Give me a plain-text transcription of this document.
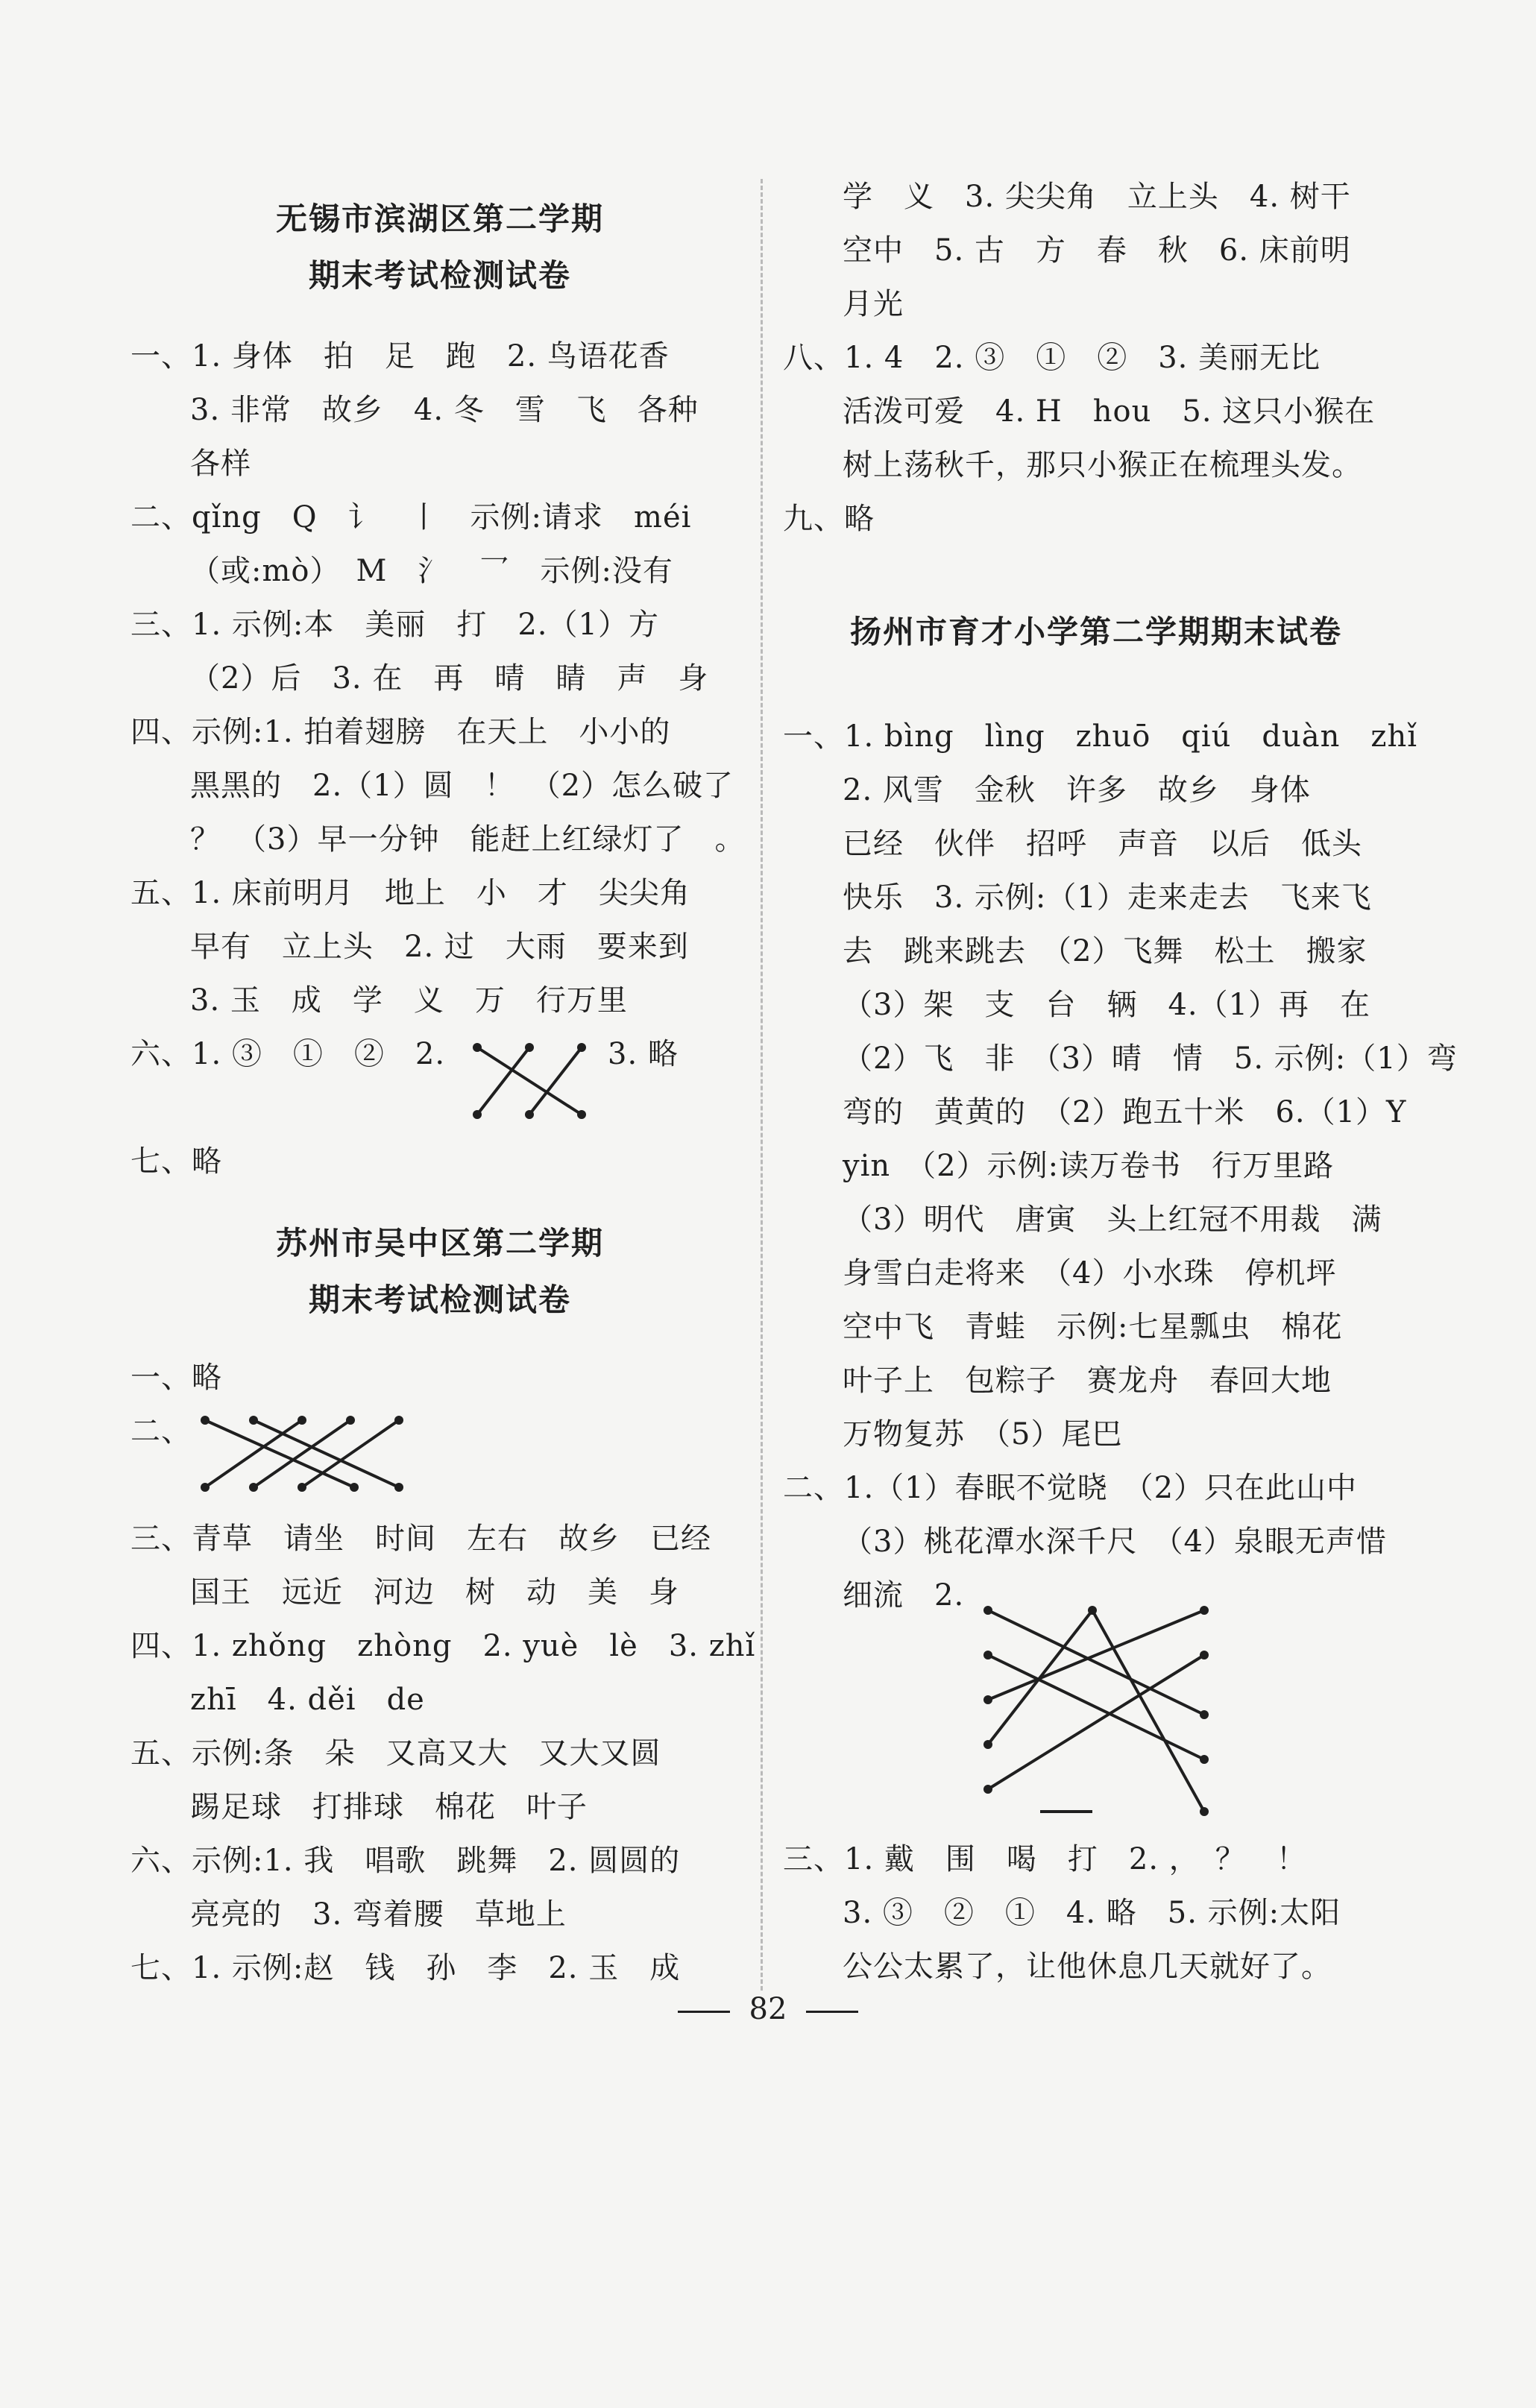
无锡市滨湖区第二学期
期末考试检测试卷
一、1. 身体　拍　足　跑　2. 鸟语花香
3. 非常　故乡　4. 冬　雪　飞　各种
各样
二、qǐng　Q　讠　丨　示例:请求　méi
（或:mò）　M　氵　乛　示例:没有
三、1. 示例:本　美丽　打　2.（1）方
（2）后　3. 在　再　晴　睛　声　身
四、示例:1. 拍着翅膀　在天上　小小的
黑黑的　2.（1）圆　！　（2）怎么破了
？　（3）早一分钟　能赶上红绿灯了　。
五、1. 床前明月　地上　小　才　尖尖角
早有　立上头　2. 过　大雨　要来到
3. 玉　成　学　义　万　行万里
六、1. ③　①　②　2.	3. 略
七、略
苏州市吴中区第二学期
期末考试检测试卷
一、略
二、
三、青草　请坐　时间　左右　故乡　已经
国王　远近　河边　树　动　美　身
四、1. zhǒng　zhòng　2. yuè　lè　3. zhǐ
zhī　4. děi　de
五、示例:条　朵　又高又大　又大又圆
踢足球　打排球　棉花　叶子
六、示例:1. 我　唱歌　跳舞　2. 圆圆的
亮亮的　3. 弯着腰　草地上
七、1. 示例:赵　钱　孙　李　2. 玉　成
学　义　3. 尖尖角　立上头　4. 树干
空中　5. 古　方　春　秋　6. 床前明
月光
八、1. 4　2. ③　①　②　3. 美丽无比
活泼可爱　4. H　hou　5. 这只小猴在
树上荡秋千，那只小猴正在梳理头发。
九、略
扬州市育才小学第二学期期末试卷
一、1. bìng　lìng　zhuō　qiú　duàn　zhǐ
2. 风雪　金秋　许多　故乡　身体
已经　伙伴　招呼　声音　以后　低头
快乐　3. 示例:（1）走来走去　飞来飞
去　跳来跳去　（2）飞舞　松土　搬家
（3）架　支　台　辆　4.（1）再　在
（2）飞　非　（3）晴　情　5. 示例:（1）弯
弯的　黄黄的　（2）跑五十米　6.（1）Y
yin　（2）示例:读万卷书　行万里路
（3）明代　唐寅　头上红冠不用裁　满
身雪白走将来　（4）小水珠　停机坪
空中飞　青蛙　示例:七星瓢虫　棉花
叶子上　包粽子　赛龙舟　春回大地
万物复苏　（5）尾巴
二、1.（1）春眠不觉晓　（2）只在此山中
（3）桃花潭水深千尺　（4）泉眼无声惜
细流　2.
三、1. 戴　围　喝　打　2. ，　？　！
3. ③　②　①　4. 略　5. 示例:太阳
公公太累了，让他休息几天就好了。
82
